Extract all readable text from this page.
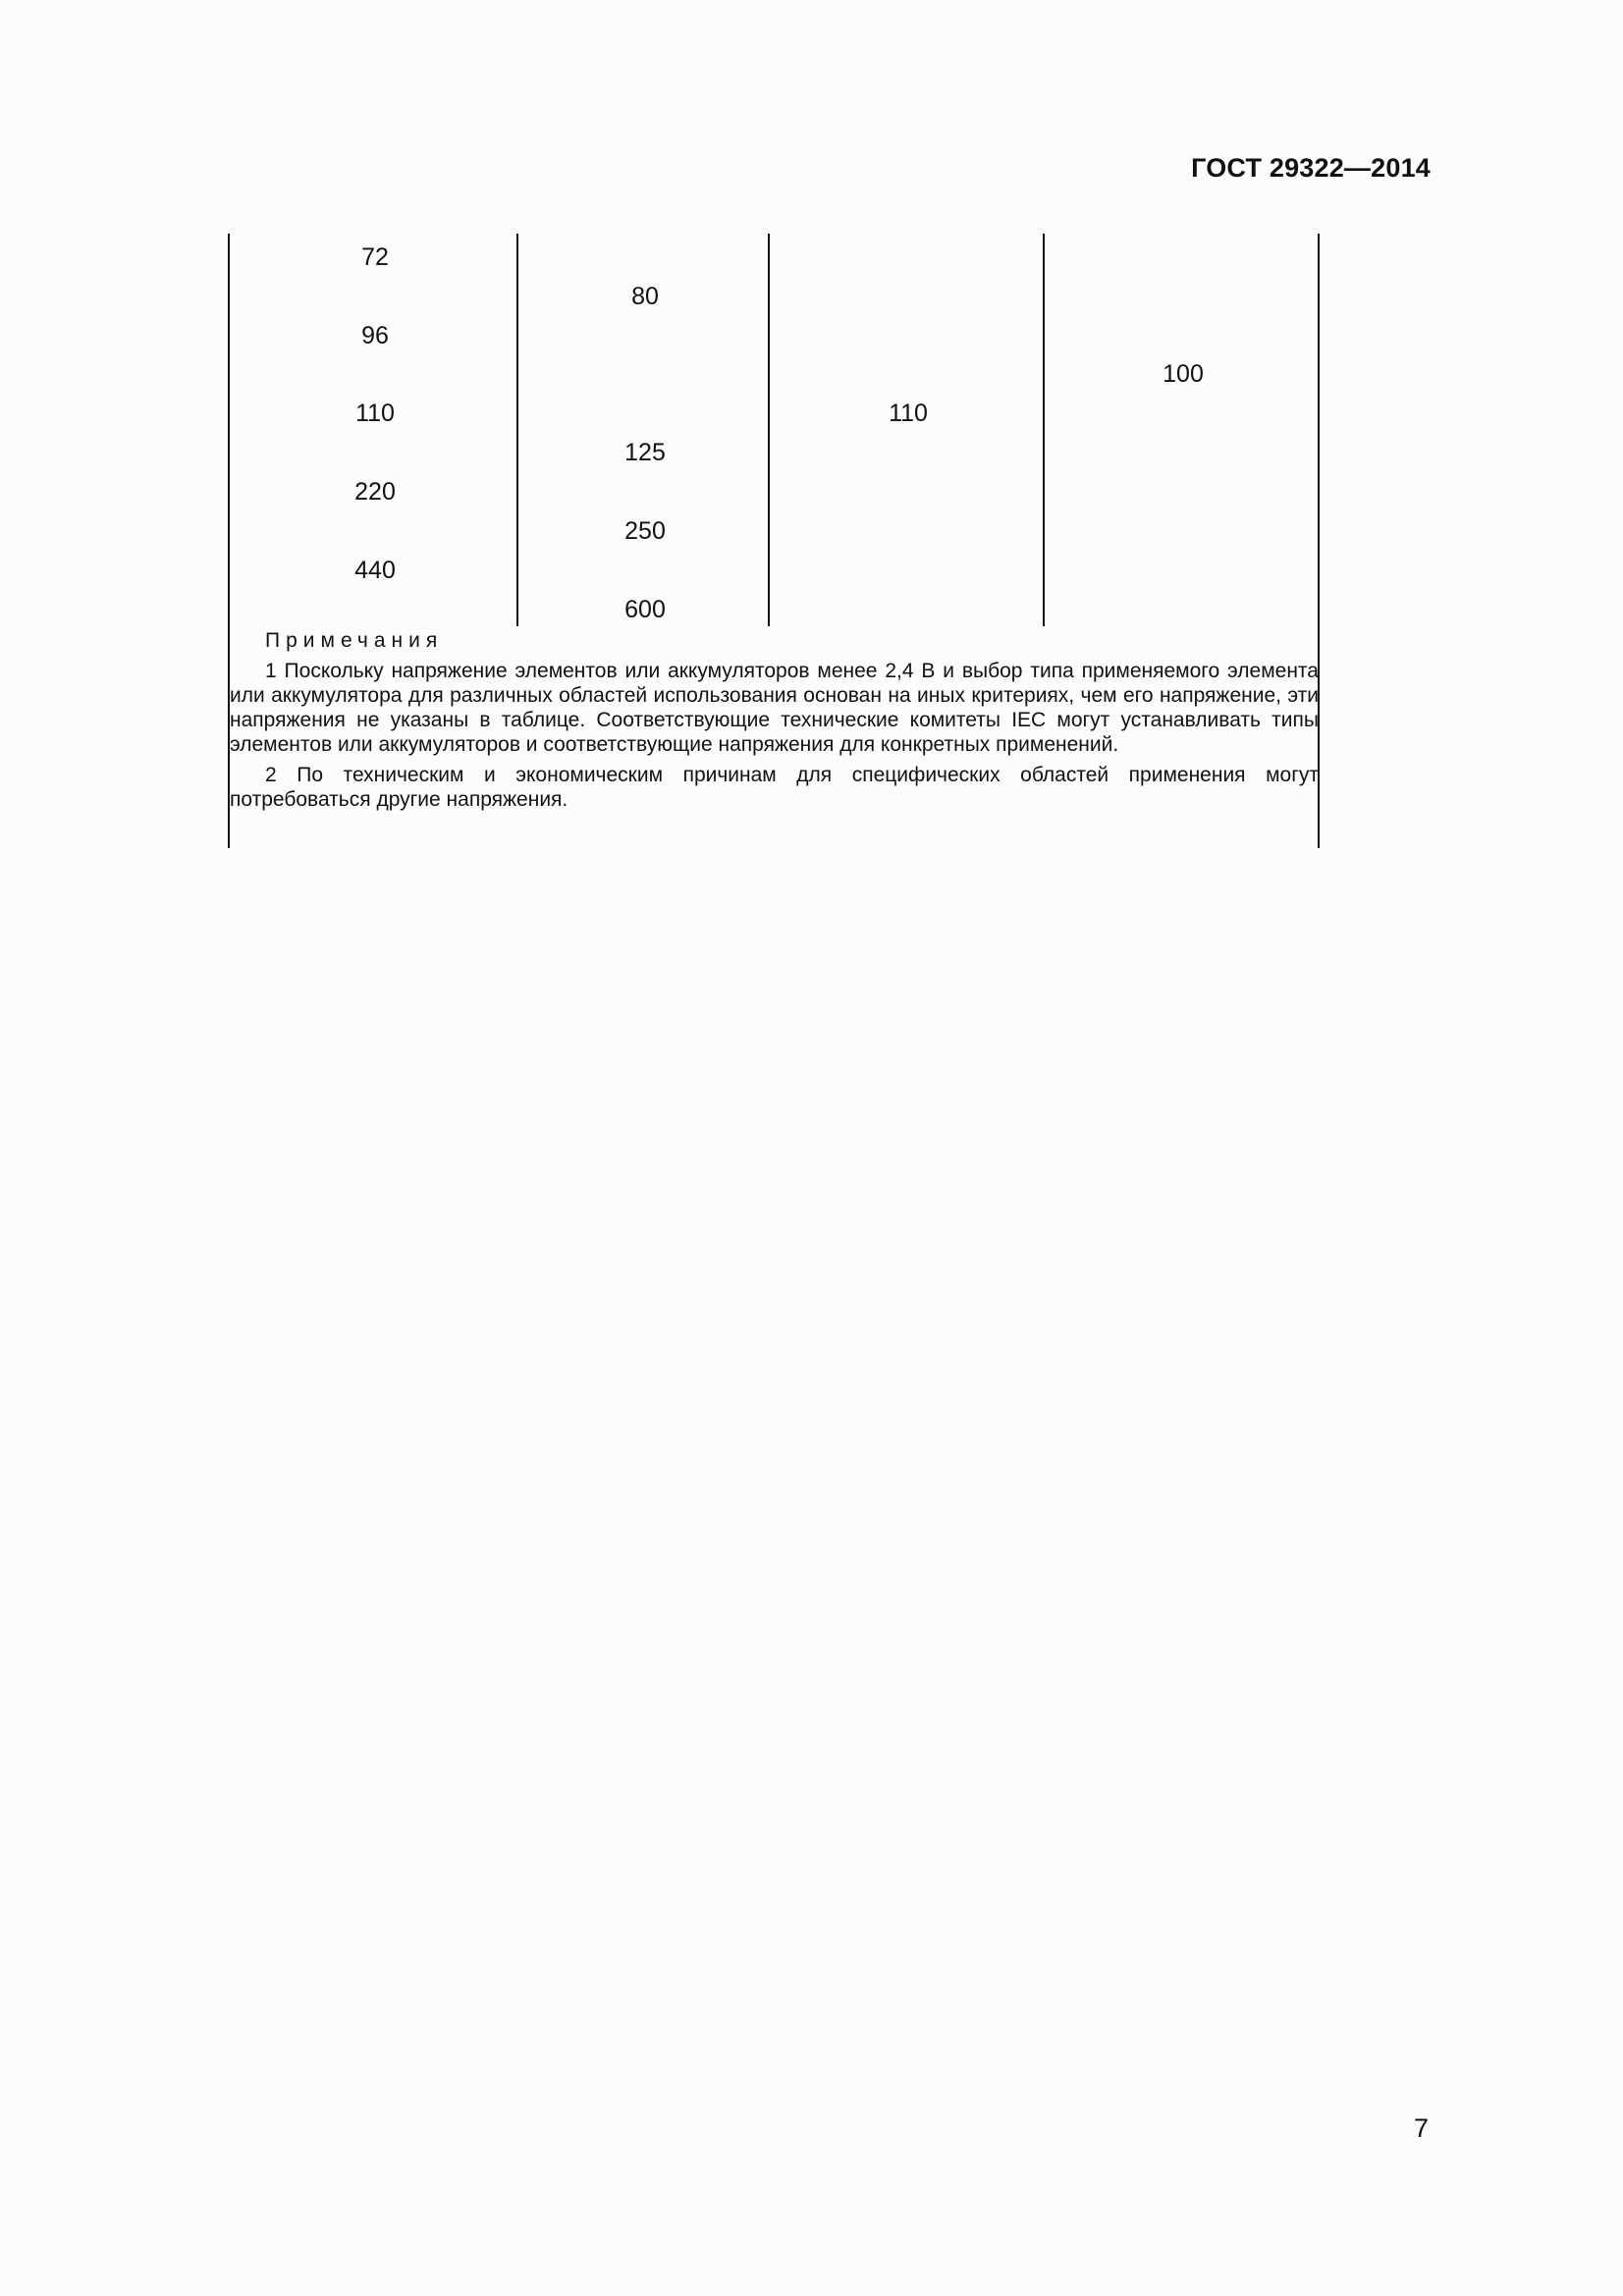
ГОСТ 29322—2014
72
96
110
220
440
80
125
250
600
110
100
Примечания

1 Поскольку напряжение элементов или аккумуляторов менее 2,4 В и выбор типа применяемого элемента или аккумулятора для различных областей использования основан на иных критериях, чем его напряжение, эти напряжения не указаны в таблице. Соответствующие технические комитеты IEC могут устанавливать типы элементов или аккумуляторов и соответствующие напряжения для конкретных применений.

2 По техническим и экономическим причинам для специфических областей применения могут потребоваться другие напряжения.

7
